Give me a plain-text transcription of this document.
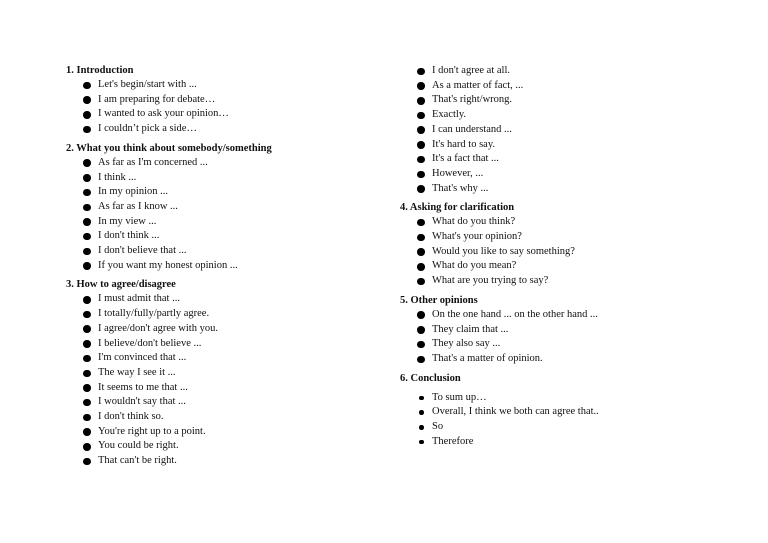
1. Introduction

Let's begin/start with ...
I am preparing for debate…
I wanted to ask your opinion…
I couldn’t pick a side…

2. What you think about somebody/something

As far as I'm concerned ...
I think ...
In my opinion ...
As far as I know ...
In my view ...
I don't think ...
I don't believe that ...
If you want my honest opinion ...

3. How to agree/disagree

I must admit that ...
I totally/fully/partly agree.
I agree/don't agree with you.
I believe/don't believe ...
I'm convinced that ...
The way I see it ...
It seems to me that ...
I wouldn't say that ...
I don't think so.
You're right up to a point.
You could be right.
That can't be right.
I don't agree at all.
As a matter of fact, ...
That's right/wrong.
Exactly.
I can understand ...
It's hard to say.
It's a fact that ...
However, ...
That's why ...

4. Asking for clarification

What do you think?
What's your opinion?
Would you like to say something?
What do you mean?
What are you trying to say?

5. Other opinions

On the one hand ... on the other hand ...
They claim that ...
They also say ...
That's a matter of opinion.

6. Conclusion

To sum up…
Overall, I think we both can agree that..
So
Therefore
